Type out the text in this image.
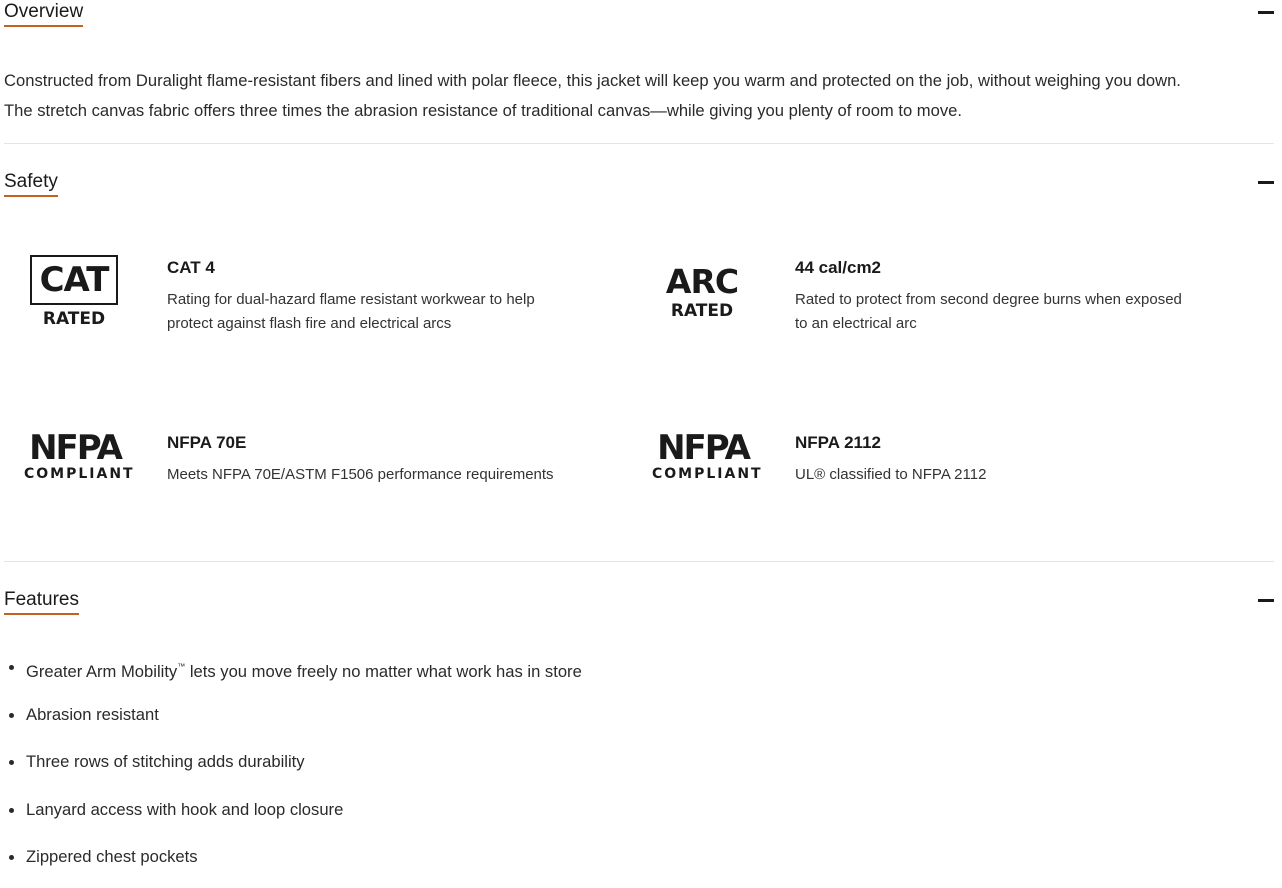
Overview

Constructed from Duralight flame-resistant fibers and lined with polar fleece, this jacket will keep you warm and protected on the job, without weighing you down.

The stretch canvas fabric offers three times the abrasion resistance of traditional canvas—while giving you plenty of room to move.

Safety
CAT
RATED
CAT 4
Rating for dual-hazard flame resistant workwear to help
protect against flash fire and electrical arcs
ARC
RATED
44 cal/cm2
Rated to protect from second degree burns when exposed
to an electrical arc
NFPA
COMPLIANT
NFPA 70E
Meets NFPA 70E/ASTM F1506 performance requirements
NFPA
COMPLIANT
NFPA 2112
UL® classified to NFPA 2112
Features
Greater Arm Mobility™ lets you move freely no matter what work has in store
Abrasion resistant
Three rows of stitching adds durability
Lanyard access with hook and loop closure
Zippered chest pockets
